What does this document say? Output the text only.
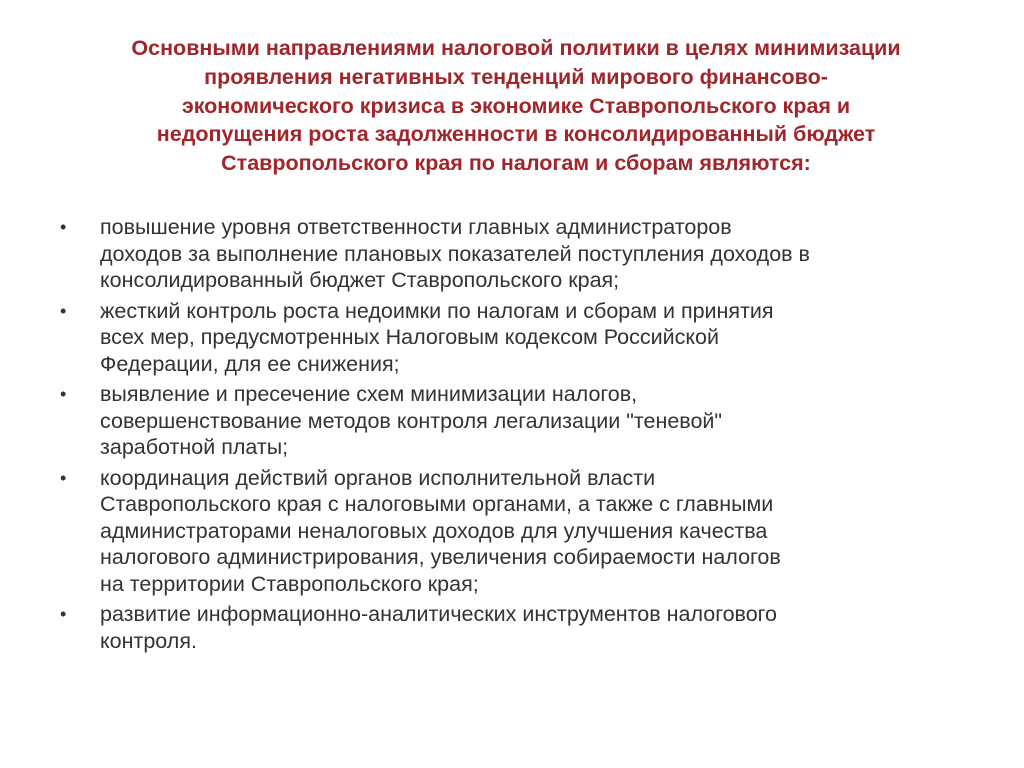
Основными направлениями налоговой политики в целях минимизации
проявления негативных тенденций мирового финансово-
экономического кризиса в экономике Ставропольского края и
недопущения роста задолженности в консолидированный бюджет
Ставропольского края по налогам и сборам являются:
• повышение уровня ответственности главных администраторов
доходов за выполнение плановых показателей поступления доходов в
консолидированный бюджет Ставропольского края;
• жесткий контроль роста недоимки по налогам и сборам и принятия
всех мер, предусмотренных Налоговым кодексом Российской
Федерации, для ее снижения;
• выявление и пресечение схем минимизации налогов,
совершенствование методов контроля легализации "теневой"
заработной платы;
• координация действий органов исполнительной власти
Ставропольского края с налоговыми органами, а также с главными
администраторами неналоговых доходов для улучшения качества
налогового администрирования, увеличения собираемости налогов
на территории Ставропольского края;
• развитие информационно-аналитических инструментов налогового
контроля.
